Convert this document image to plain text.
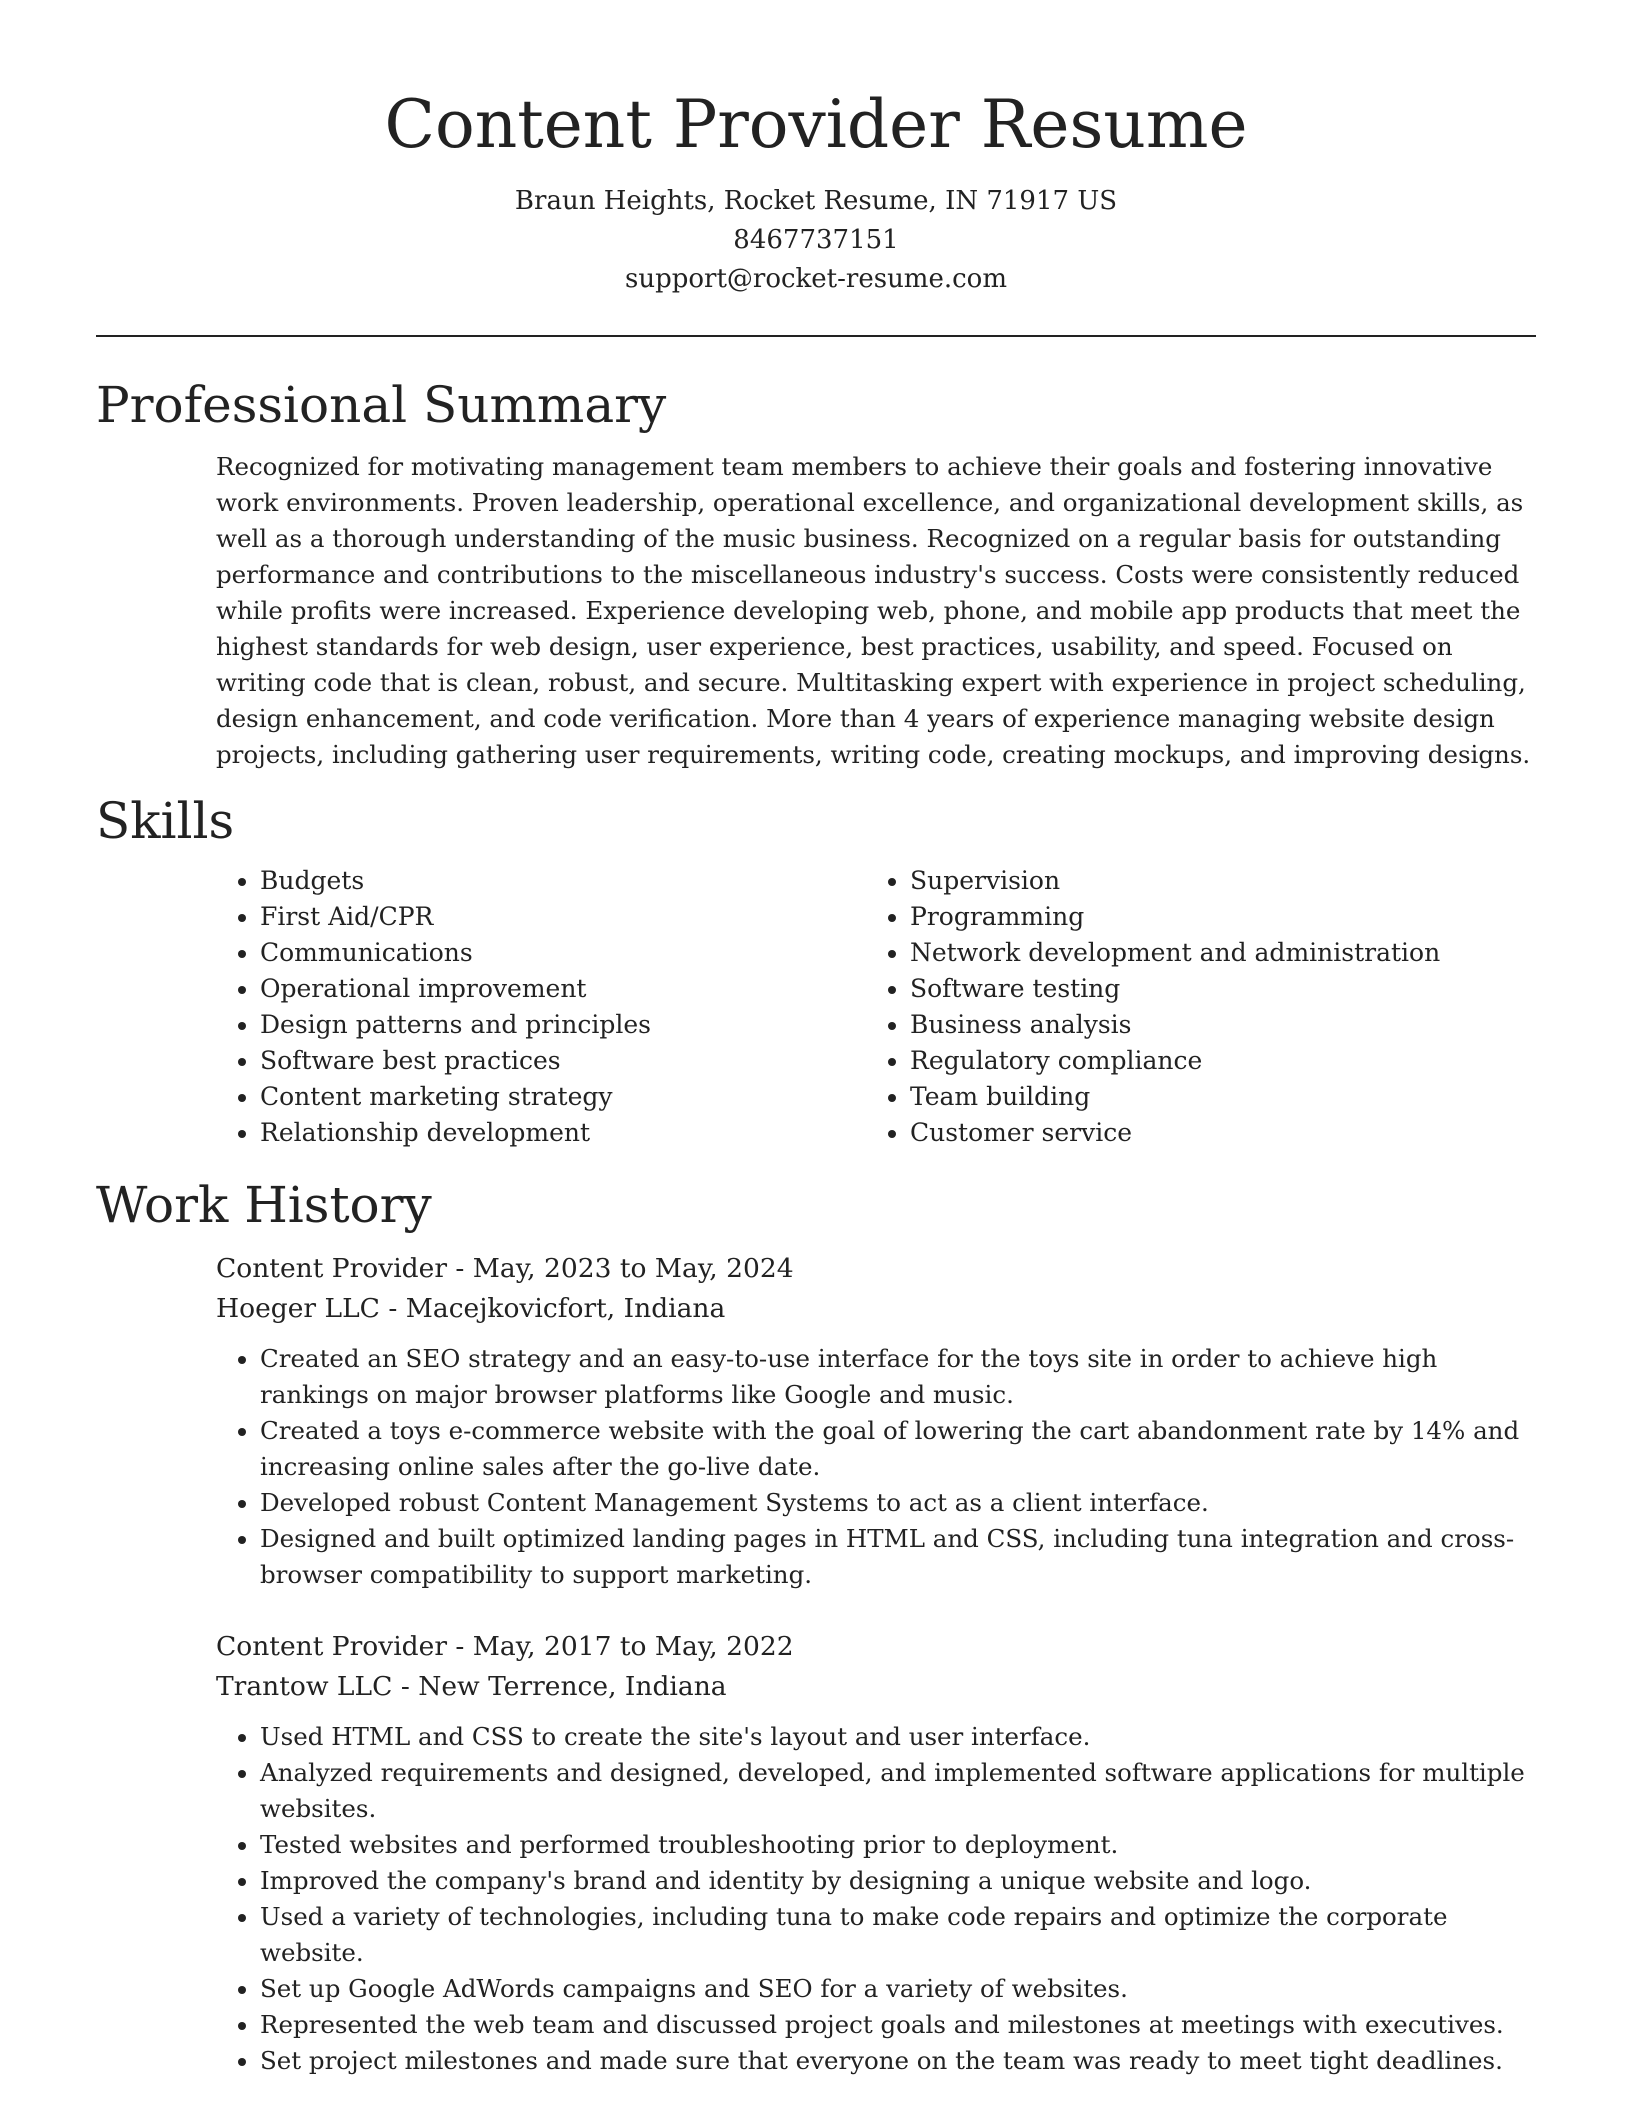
Content Provider Resume

Braun Heights, Rocket Resume, IN 71917 US

8467737151

support@rocket-resume.com

Professional Summary

Recognized for motivating management team members to achieve their goals and fostering innovative work environments. Proven leadership, operational excellence, and organizational development skills, as well as a thorough understanding of the music business. Recognized on a regular basis for outstanding performance and contributions to the miscellaneous industry's success. Costs were consistently reduced while profits were increased. Experience developing web, phone, and mobile app products that meet the highest standards for web design, user experience, best practices, usability, and speed. Focused on writing code that is clean, robust, and secure. Multitasking expert with experience in project scheduling, design enhancement, and code verification. More than 4 years of experience managing website design projects, including gathering user requirements, writing code, creating mockups, and improving designs.

Skills
• Budgets
• First Aid/CPR
• Communications
• Operational improvement
• Design patterns and principles
• Software best practices
• Content marketing strategy
• Relationship development
• Supervision
• Programming
• Network development and administration
• Software testing
• Business analysis
• Regulatory compliance
• Team building
• Customer service
Work History

Content Provider - May, 2023 to May, 2024

Hoeger LLC - Macejkovicfort, Indiana

• Created an SEO strategy and an easy-to-use interface for the toys site in order to achieve high rankings on major browser platforms like Google and music.
• Created a toys e-commerce website with the goal of lowering the cart abandonment rate by 14% and increasing online sales after the go-live date.
• Developed robust Content Management Systems to act as a client interface.
• Designed and built optimized landing pages in HTML and CSS, including tuna integration and cross-browser compatibility to support marketing.

Content Provider - May, 2017 to May, 2022

Trantow LLC - New Terrence, Indiana

• Used HTML and CSS to create the site's layout and user interface.
• Analyzed requirements and designed, developed, and implemented software applications for multiple websites.
• Tested websites and performed troubleshooting prior to deployment.
• Improved the company's brand and identity by designing a unique website and logo.
• Used a variety of technologies, including tuna to make code repairs and optimize the corporate website.
• Set up Google AdWords campaigns and SEO for a variety of websites.
• Represented the web team and discussed project goals and milestones at meetings with executives.
• Set project milestones and made sure that everyone on the team was ready to meet tight deadlines.
